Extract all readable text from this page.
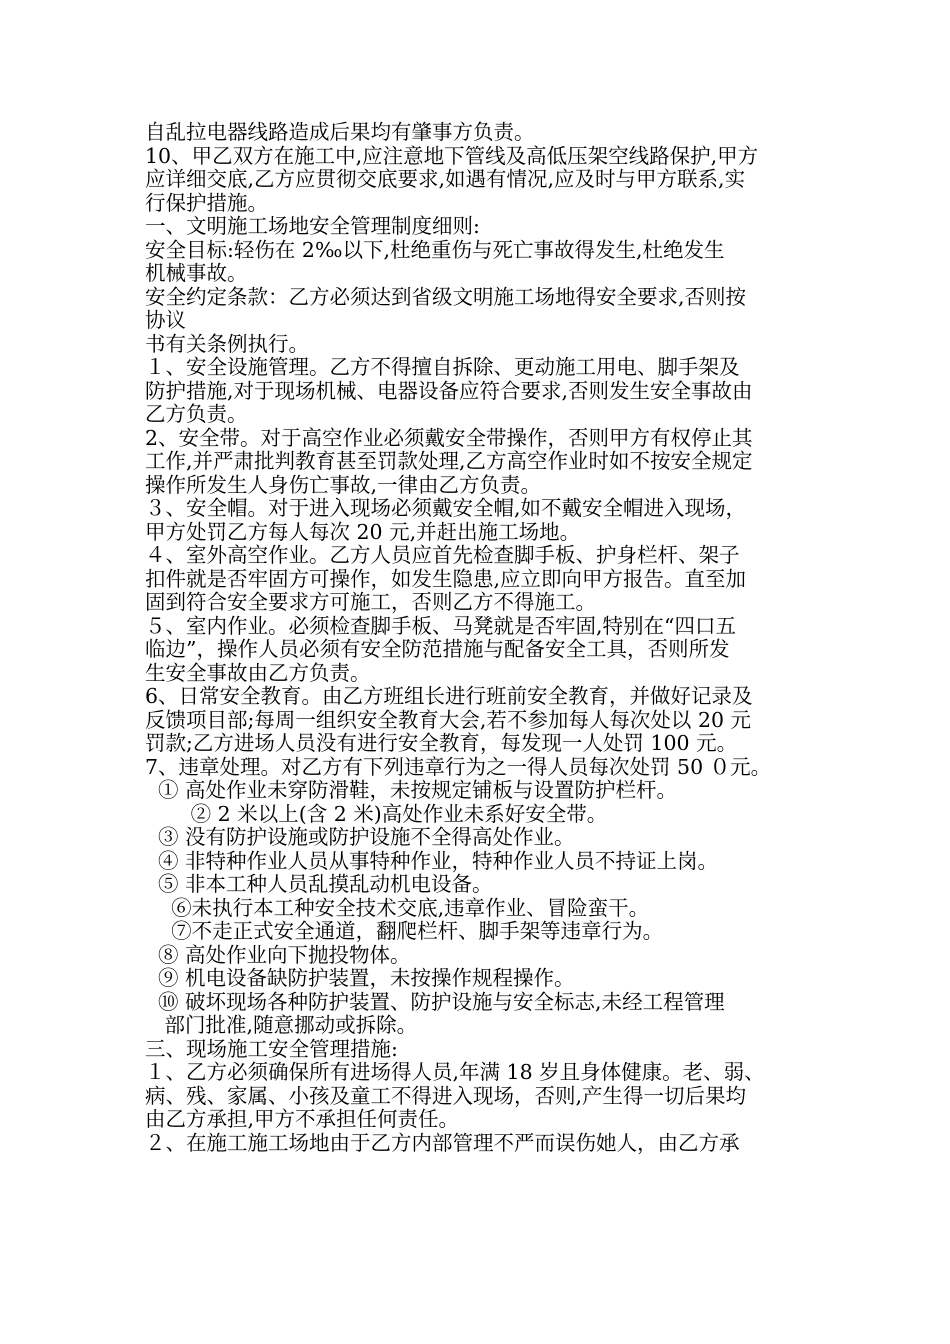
自乱拉电器线路造成后果均有肇事方负责。
10、甲乙双方在施工中,应注意地下管线及高低压架空线路保护,甲方
应详细交底,乙方应贯彻交底要求,如遇有情况,应及时与甲方联系,实
行保护措施。
一、文明施工场地安全管理制度细则:
安全目标:轻伤在 2‰以下,杜绝重伤与死亡事故得发生,杜绝发生
机械事故。
安全约定条款：乙方必须达到省级文明施工场地得安全要求,否则按
协议
书有关条例执行。
１、安全设施管理。乙方不得擅自拆除、更动施工用电、脚手架及
防护措施,对于现场机械、电器设备应符合要求,否则发生安全事故由
乙方负责。
2、安全带。对于高空作业必须戴安全带操作，否则甲方有权停止其
工作,并严肃批判教育甚至罚款处理,乙方高空作业时如不按安全规定
操作所发生人身伤亡事故,一律由乙方负责。
３、安全帽。对于进入现场必须戴安全帽,如不戴安全帽进入现场，
甲方处罚乙方每人每次 20 元,并赶出施工场地。
４、室外高空作业。乙方人员应首先检查脚手板、护身栏杆、架子
扣件就是否牢固方可操作，如发生隐患,应立即向甲方报告。直至加
固到符合安全要求方可施工，否则乙方不得施工。
５、室内作业。必须检查脚手板、马凳就是否牢固,特别在“四口五
临边”，操作人员必须有安全防范措施与配备安全工具，否则所发
生安全事故由乙方负责。
6、日常安全教育。由乙方班组长进行班前安全教育，并做好记录及
反馈项目部;每周一组织安全教育大会,若不参加每人每次处以 20 元
罚款;乙方进场人员没有进行安全教育，每发现一人处罚 100 元。
7、违章处理。对乙方有下列违章行为之一得人员每次处罚 50 ０元。
① 高处作业未穿防滑鞋，未按规定铺板与设置防护栏杆。
② 2 米以上(含 2 米)高处作业未系好安全带。
③ 没有防护设施或防护设施不全得高处作业。
④ 非特种作业人员从事特种作业，特种作业人员不持证上岗。
⑤ 非本工种人员乱摸乱动机电设备。
⑥未执行本工种安全技术交底,违章作业、冒险蛮干。
⑦不走正式安全通道，翻爬栏杆、脚手架等违章行为。
⑧ 高处作业向下抛投物体。
⑨ 机电设备缺防护装置，未按操作规程操作。
⑩ 破坏现场各种防护装置、防护设施与安全标志,未经工程管理
部门批准,随意挪动或拆除。
三、现场施工安全管理措施:
１、乙方必须确保所有进场得人员,年满 18 岁且身体健康。老、弱、
病、残、家属、小孩及童工不得进入现场，否则,产生得一切后果均
由乙方承担,甲方不承担任何责任。
２、在施工施工场地由于乙方内部管理不严而误伤她人，由乙方承
